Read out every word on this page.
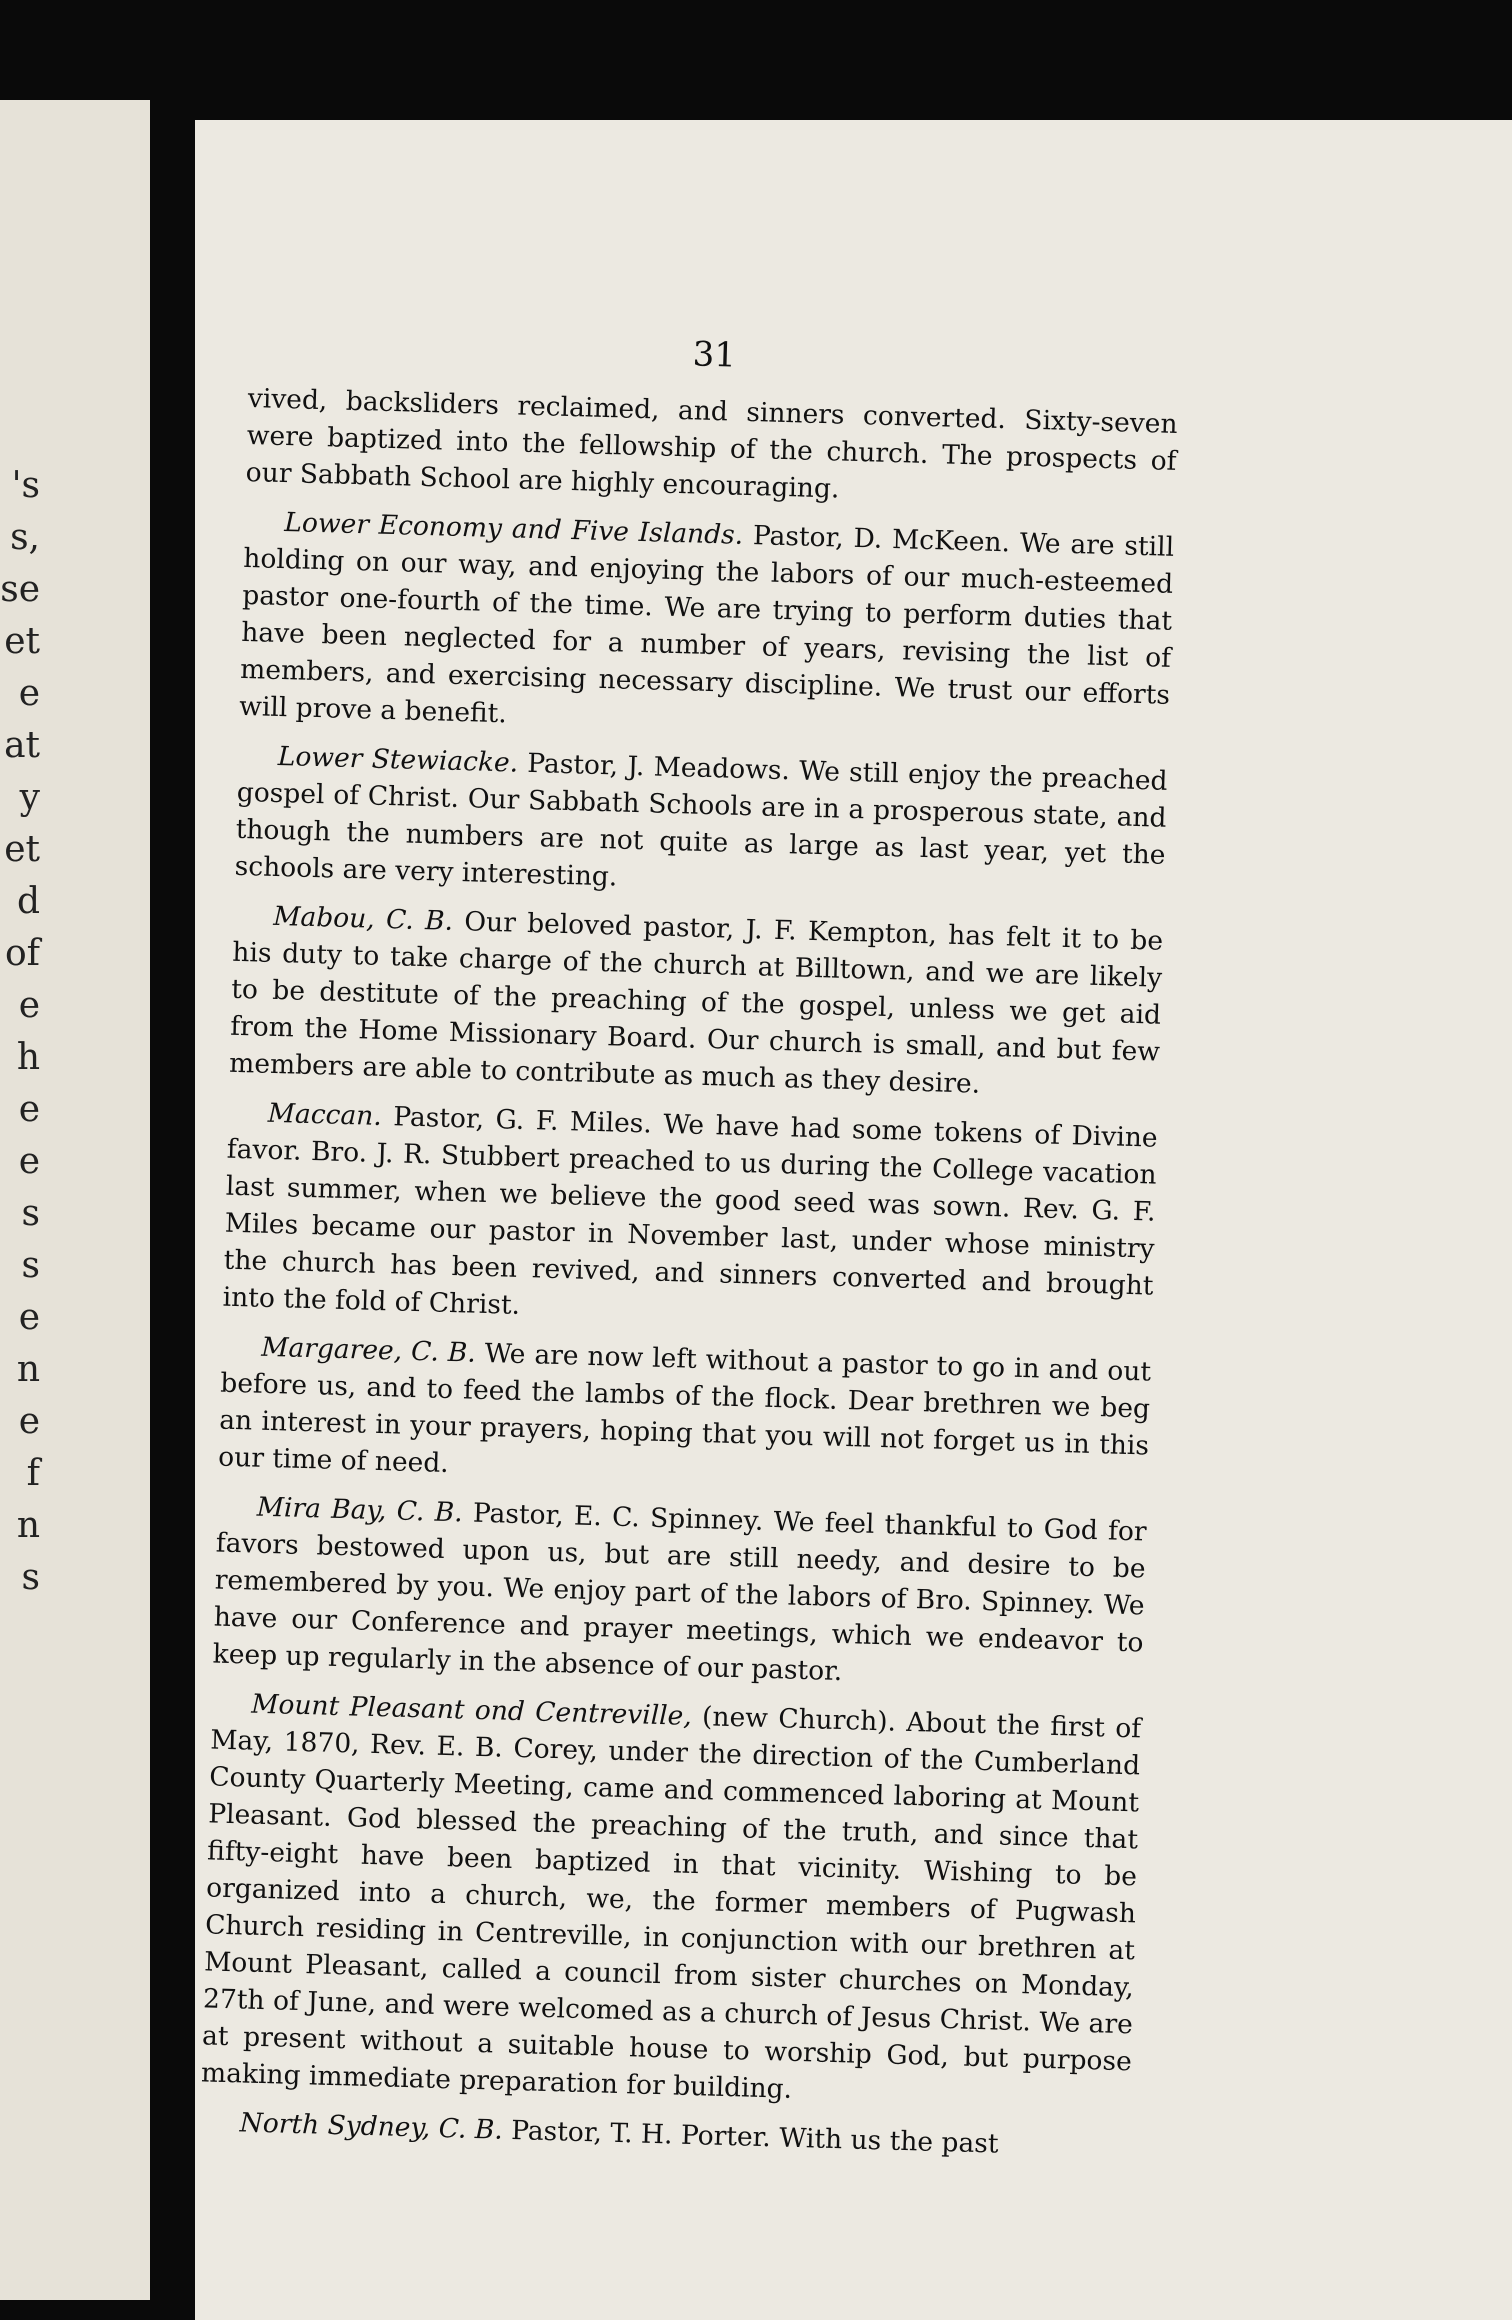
's
s,
se
et
e
at
y
et
d
of
e
h
e
e
s
s
e
n
e
f
n
s
31

vived, backsliders reclaimed, and sinners converted. Sixty-seven were baptized into the fellowship of the church. The prospects of our Sabbath School are highly encouraging.

Lower Economy and Five Islands. Pastor, D. McKeen. We are still holding on our way, and enjoying the labors of our much-esteemed pastor one-fourth of the time. We are trying to perform duties that have been neglected for a number of years, revising the list of members, and exercising necessary discipline. We trust our efforts will prove a benefit.

Lower Stewiacke. Pastor, J. Meadows. We still enjoy the preached gospel of Christ. Our Sabbath Schools are in a prosperous state, and though the numbers are not quite as large as last year, yet the schools are very interesting.

Mabou, C. B. Our beloved pastor, J. F. Kempton, has felt it to be his duty to take charge of the church at Billtown, and we are likely to be destitute of the preaching of the gospel, unless we get aid from the Home Missionary Board. Our church is small, and but few members are able to contribute as much as they desire.

Maccan. Pastor, G. F. Miles. We have had some tokens of Divine favor. Bro. J. R. Stubbert preached to us during the College vacation last summer, when we believe the good seed was sown. Rev. G. F. Miles became our pastor in November last, under whose ministry the church has been revived, and sinners converted and brought into the fold of Christ.

Margaree, C. B. We are now left without a pastor to go in and out before us, and to feed the lambs of the flock. Dear brethren we beg an interest in your prayers, hoping that you will not forget us in this our time of need.

Mira Bay, C. B. Pastor, E. C. Spinney. We feel thankful to God for favors bestowed upon us, but are still needy, and desire to be remembered by you. We enjoy part of the labors of Bro. Spinney. We have our Conference and prayer meetings, which we endeavor to keep up regularly in the absence of our pastor.

Mount Pleasant ond Centreville, (new Church). About the first of May, 1870, Rev. E. B. Corey, under the direction of the Cumberland County Quarterly Meeting, came and commenced laboring at Mount Pleasant. God blessed the preaching of the truth, and since that fifty-eight have been baptized in that vicinity. Wishing to be organized into a church, we, the former members of Pugwash Church residing in Centreville, in conjunction with our brethren at Mount Pleasant, called a council from sister churches on Monday, 27th of June, and were welcomed as a church of Jesus Christ. We are at present without a suitable house to worship God, but purpose making immediate preparation for building.

North Sydney, C. B. Pastor, T. H. Porter. With us the past
